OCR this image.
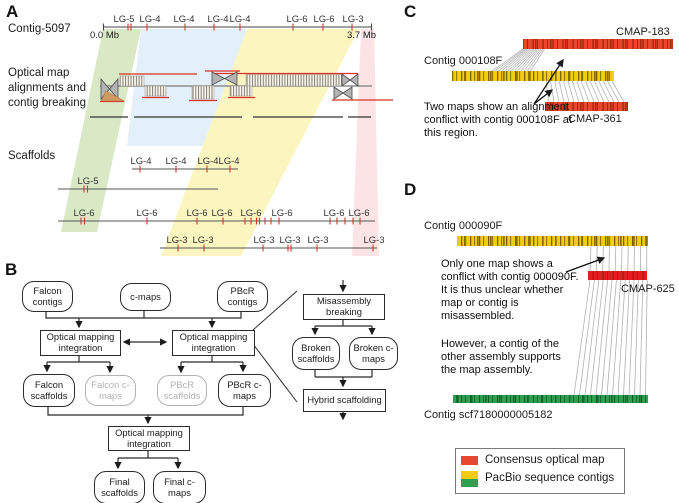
A
B
C
D
Contig-5097
Optical map alignments and contig breaking
Scaffolds
0.0 Mb	3.7 Mb
LG-5 LG-4 LG-4 LG-4 LG-4	LG-6 LG-6 LG-3
LG-4 LG-4 LG-4 LG-4
LG-5
LG-6	LG-6	LG-6 LG-6 LG-6 LG-6	LG-6 LG-6
LG-3 LG-3	LG-3 LG-3 LG-3	LG-3
Falcon contigs	c-maps
PBcR contigs
Optical mapping integration
Optical mapping integration
Falcon scaffolds
Falcon c-maps
PBcR scaffolds
PBcR c-maps
Optical mapping integration
Final scaffolds
Final c-maps
Misassembly breaking
Broken scaffolds
Broken c-maps
Hybrid scaffolding
CMAP-183
Contig 000108F
CMAP-361
Two maps show an alignment conflict with contig 000108F at this region.
Contig 000090F
CMAP-625
Only one map shows a conflict with contig 000090F. It is thus unclear whether map or contig is misassembled.
However, a contig of the other assembly supports the map assembly.
Contig scf7180000005182
Consensus optical map
PacBio sequence contigs
